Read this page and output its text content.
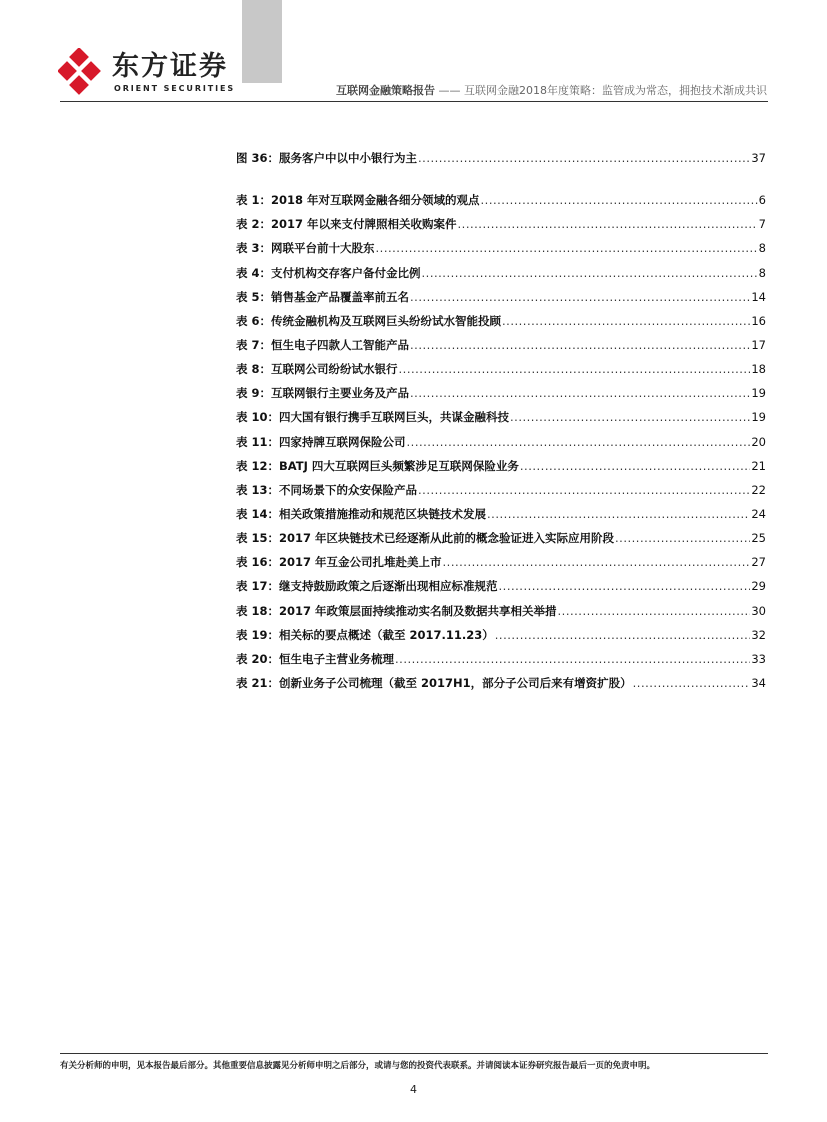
东方证券
ORIENT SECURITIES	互联网金融策略报告 —— 互联网金融2018年度策略：监管成为常态，拥抱技术渐成共识
图 36：服务客户中以中小银行为主 .....	37
表 1：2018 年对互联网金融各细分领域的观点 .....	6
表 2：2017 年以来支付牌照相关收购案件 .....	7
表 3：网联平台前十大股东 .....	8
表 4：支付机构交存客户备付金比例 .....	8
表 5：销售基金产品覆盖率前五名 .....	14
表 6：传统金融机构及互联网巨头纷纷试水智能投顾 .....	16
表 7：恒生电子四款人工智能产品 .....	17
表 8：互联网公司纷纷试水银行 .....	18
表 9：互联网银行主要业务及产品 .....	19
表 10：四大国有银行携手互联网巨头，共谋金融科技 .....	19
表 11：四家持牌互联网保险公司 .....	20
表 12：BATJ 四大互联网巨头频繁涉足互联网保险业务 .....	21
表 13：不同场景下的众安保险产品 .....	22
表 14：相关政策措施推动和规范区块链技术发展 .....	24
表 15：2017 年区块链技术已经逐渐从此前的概念验证进入实际应用阶段 .....	25
表 16：2017 年互金公司扎堆赴美上市 .....	27
表 17：继支持鼓励政策之后逐渐出现相应标准规范 .....	29
表 18：2017 年政策层面持续推动实名制及数据共享相关举措 .....	30
表 19：相关标的要点概述（截至 2017.11.23） .....	32
表 20：恒生电子主营业务梳理 .....	33
表 21：创新业务子公司梳理（截至 2017H1，部分子公司后来有增资扩股） .....	34
有关分析师的申明，见本报告最后部分。其他重要信息披露见分析师申明之后部分，或请与您的投资代表联系。并请阅读本证券研究报告最后一页的免责申明。
4
